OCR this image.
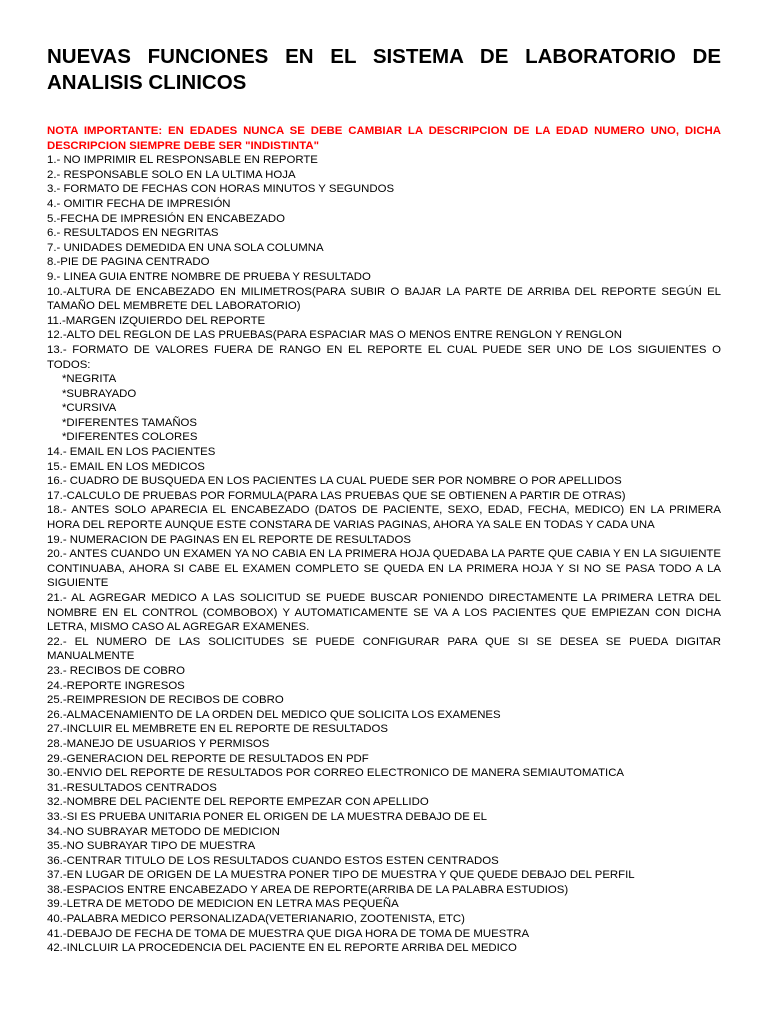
NUEVAS FUNCIONES EN EL SISTEMA DE LABORATORIO DE ANALISIS CLINICOS
NOTA IMPORTANTE: EN EDADES NUNCA SE DEBE CAMBIAR LA DESCRIPCION DE LA EDAD NUMERO UNO, DICHA DESCRIPCION SIEMPRE DEBE SER "INDISTINTA"
1.- NO IMPRIMIR EL RESPONSABLE EN REPORTE
2.- RESPONSABLE SOLO EN LA ULTIMA HOJA
3.- FORMATO DE FECHAS CON HORAS MINUTOS Y SEGUNDOS
4.- OMITIR FECHA DE IMPRESIÓN
5.-FECHA DE IMPRESIÓN EN ENCABEZADO
6.- RESULTADOS EN NEGRITAS
7.- UNIDADES DEMEDIDA EN UNA SOLA COLUMNA
8.-PIE DE PAGINA CENTRADO
9.- LINEA GUIA ENTRE NOMBRE DE PRUEBA Y RESULTADO
10.-ALTURA DE ENCABEZADO EN MILIMETROS(PARA SUBIR O BAJAR LA PARTE DE ARRIBA DEL REPORTE SEGÚN EL TAMAÑO DEL MEMBRETE DEL LABORATORIO)
11.-MARGEN IZQUIERDO DEL REPORTE
12.-ALTO DEL REGLON DE LAS PRUEBAS(PARA ESPACIAR MAS O MENOS ENTRE RENGLON Y RENGLON
13.- FORMATO DE VALORES FUERA DE RANGO EN EL REPORTE EL CUAL PUEDE SER UNO DE LOS SIGUIENTES O TODOS:
*NEGRITA
*SUBRAYADO
*CURSIVA
*DIFERENTES TAMAÑOS
*DIFERENTES COLORES
14.- EMAIL EN LOS PACIENTES
15.- EMAIL EN LOS MEDICOS
16.- CUADRO DE BUSQUEDA EN LOS PACIENTES LA CUAL PUEDE SER POR NOMBRE O POR APELLIDOS
17.-CALCULO DE PRUEBAS POR FORMULA(PARA LAS PRUEBAS QUE SE OBTIENEN A PARTIR DE OTRAS)
18.- ANTES SOLO APARECIA EL ENCABEZADO (DATOS DE PACIENTE, SEXO, EDAD, FECHA, MEDICO) EN LA PRIMERA HORA DEL REPORTE AUNQUE ESTE CONSTARA DE VARIAS PAGINAS, AHORA YA SALE EN TODAS Y CADA UNA
19.- NUMERACION DE PAGINAS EN EL REPORTE DE RESULTADOS
20.- ANTES CUANDO UN EXAMEN YA NO CABIA EN LA PRIMERA HOJA QUEDABA LA PARTE QUE CABIA Y EN LA SIGUIENTE CONTINUABA, AHORA SI CABE EL EXAMEN COMPLETO SE QUEDA EN LA PRIMERA HOJA Y SI NO SE PASA TODO A LA SIGUIENTE
21.- AL AGREGAR MEDICO A LAS SOLICITUD SE PUEDE BUSCAR PONIENDO DIRECTAMENTE LA PRIMERA LETRA DEL NOMBRE EN EL CONTROL (COMBOBOX) Y AUTOMATICAMENTE SE VA A LOS PACIENTES QUE EMPIEZAN CON DICHA LETRA, MISMO CASO AL AGREGAR EXAMENES.
22.- EL NUMERO DE LAS SOLICITUDES SE PUEDE CONFIGURAR PARA QUE SI SE DESEA SE PUEDA DIGITAR MANUALMENTE
23.- RECIBOS DE COBRO
24.-REPORTE INGRESOS
25.-REIMPRESION DE RECIBOS DE COBRO
26.-ALMACENAMIENTO DE LA ORDEN DEL MEDICO QUE SOLICITA LOS EXAMENES
27.-INCLUIR EL MEMBRETE EN EL REPORTE DE RESULTADOS
28.-MANEJO DE USUARIOS Y PERMISOS
29.-GENERACION DEL REPORTE DE RESULTADOS EN PDF
30.-ENVIO DEL REPORTE DE RESULTADOS POR CORREO ELECTRONICO DE MANERA SEMIAUTOMATICA
31.-RESULTADOS CENTRADOS
32.-NOMBRE DEL PACIENTE DEL REPORTE EMPEZAR CON APELLIDO
33.-SI ES PRUEBA UNITARIA PONER EL ORIGEN DE LA MUESTRA DEBAJO DE EL
34.-NO SUBRAYAR METODO DE MEDICION
35.-NO SUBRAYAR TIPO DE MUESTRA
36.-CENTRAR TITULO DE LOS RESULTADOS CUANDO ESTOS ESTEN CENTRADOS
37.-EN LUGAR DE ORIGEN DE LA MUESTRA PONER TIPO DE MUESTRA Y QUE QUEDE DEBAJO DEL PERFIL
38.-ESPACIOS ENTRE ENCABEZADO Y AREA DE REPORTE(ARRIBA DE LA PALABRA ESTUDIOS)
39.-LETRA DE METODO DE MEDICION EN LETRA MAS PEQUEÑA
40.-PALABRA MEDICO PERSONALIZADA(VETERIANARIO, ZOOTENISTA, ETC)
41.-DEBAJO DE FECHA DE TOMA DE MUESTRA QUE DIGA HORA DE TOMA DE MUESTRA
42.-INLCLUIR LA PROCEDENCIA DEL PACIENTE EN EL REPORTE ARRIBA DEL MEDICO
